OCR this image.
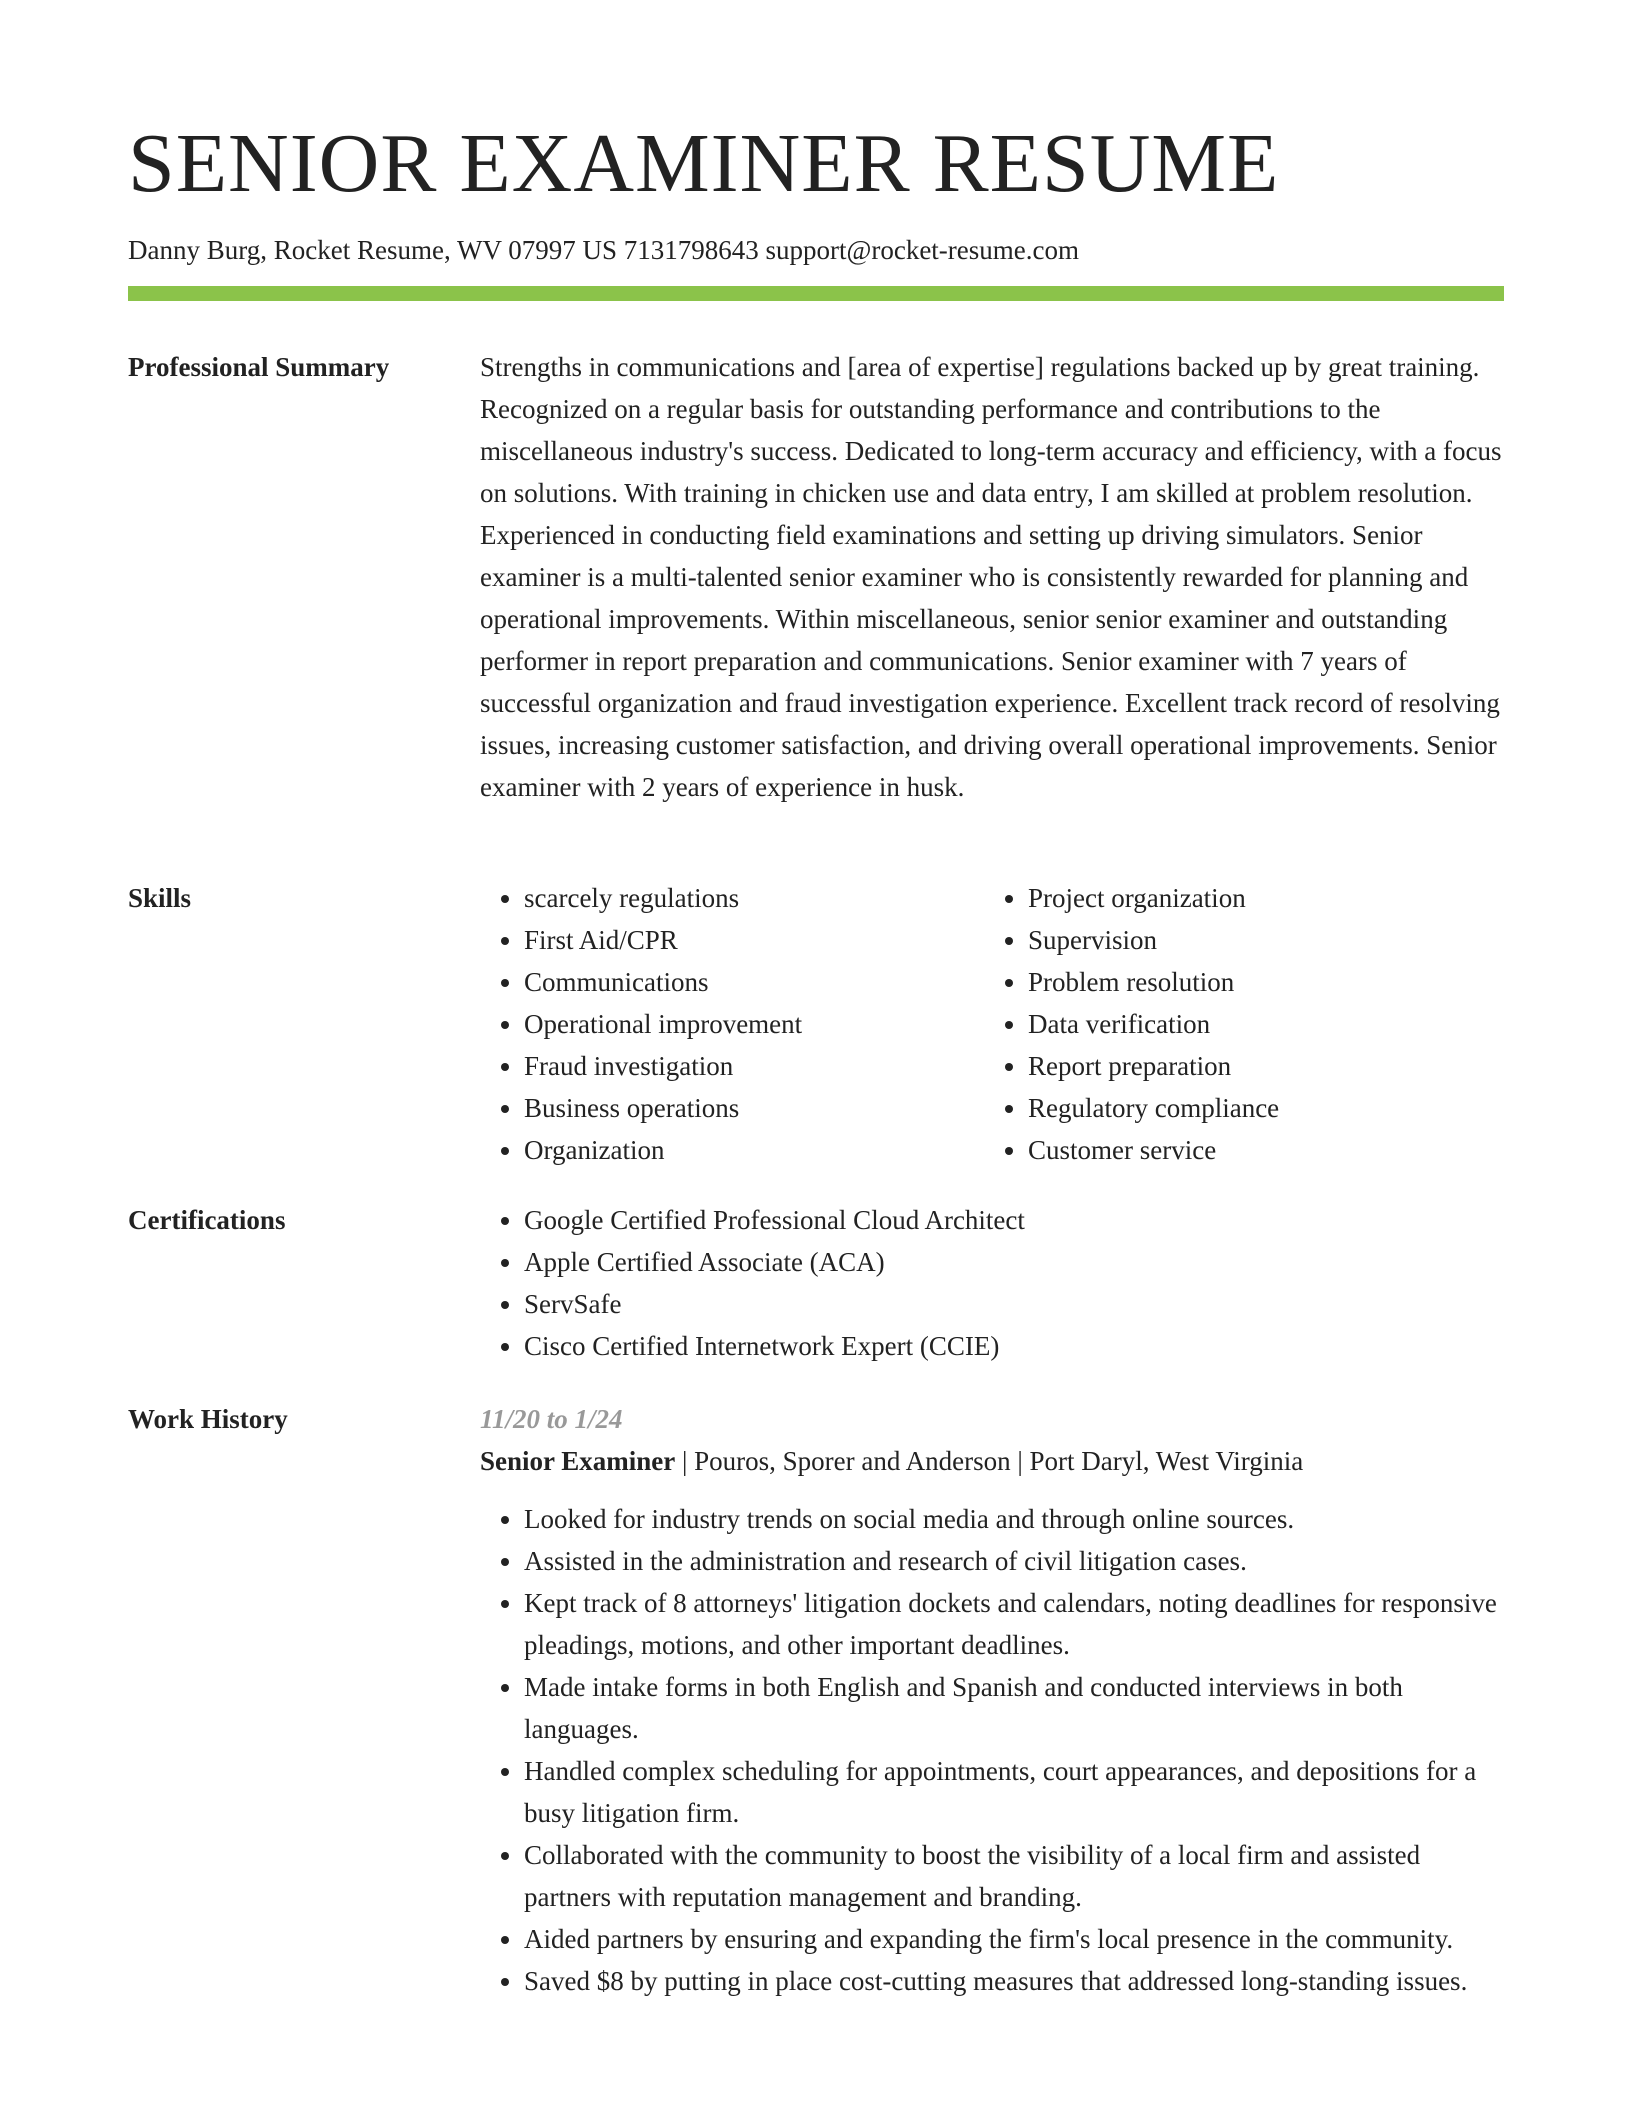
SENIOR EXAMINER RESUME
Danny Burg, Rocket Resume, WV 07997 US 7131798643 support@rocket-resume.com
Professional Summary	Strengths in communications and [area of expertise] regulations backed up by great training. Recognized on a regular basis for outstanding performance and contributions to the miscellaneous industry's success. Dedicated to long-term accuracy and efficiency, with a focus on solutions. With training in chicken use and data entry, I am skilled at problem resolution. Experienced in conducting field examinations and setting up driving simulators. Senior examiner is a multi-talented senior examiner who is consistently rewarded for planning and operational improvements. Within miscellaneous, senior senior examiner and outstanding performer in report preparation and communications. Senior examiner with 7 years of successful organization and fraud investigation experience. Excellent track record of resolving issues, increasing customer satisfaction, and driving overall operational improvements. Senior examiner with 2 years of experience in husk.

Skills	• scarcely regulations
• First Aid/CPR
• Communications
• Operational improvement
• Fraud investigation
• Business operations
• Organization
• Project organization
• Supervision
• Problem resolution
• Data verification
• Report preparation
• Regulatory compliance
• Customer service
Certifications	• Google Certified Professional Cloud Architect
• Apple Certified Associate (ACA)
• ServSafe
• Cisco Certified Internetwork Expert (CCIE)
Work History	11/20 to 1/24
Senior Examiner | Pouros, Sporer and Anderson | Port Daryl, West Virginia
• Looked for industry trends on social media and through online sources.
• Assisted in the administration and research of civil litigation cases.
• Kept track of 8 attorneys' litigation dockets and calendars, noting deadlines for responsive pleadings, motions, and other important deadlines.
• Made intake forms in both English and Spanish and conducted interviews in both languages.
• Handled complex scheduling for appointments, court appearances, and depositions for a busy litigation firm.
• Collaborated with the community to boost the visibility of a local firm and assisted partners with reputation management and branding.
• Aided partners by ensuring and expanding the firm's local presence in the community.
• Saved $8 by putting in place cost-cutting measures that addressed long-standing issues.
